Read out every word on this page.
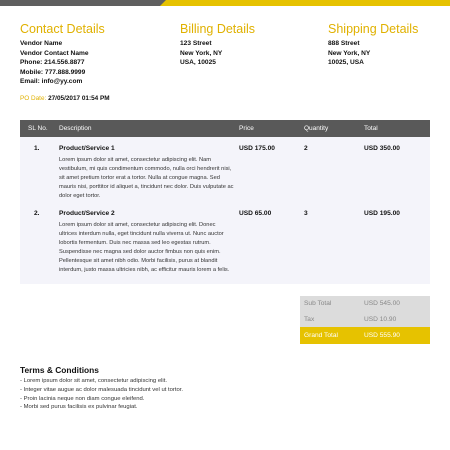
Contact Details
Vendor Name
Vendor Contact Name
Phone: 214.556.8877
Mobile: 777.888.9999
Email: info@yy.com
Billing Details
123 Street
New York, NY
USA, 10025
Shipping Details
888 Street
New York, NY
10025, USA
PO Date: 27/05/2017 01:54 PM
SL No. Description	Price	Quantity	Total
1.	Product/Service 1
Lorem ipsum dolor sit amet, consectetur adipiscing elit. Nam vestibulum, mi quis condimentum commodo, nulla orci hendrerit nisi, sit amet pretium tortor erat a tortor. Nulla at congue magna. Sed mauris nisi, porttitor id aliquet a, tincidunt nec dolor. Duis vulputate ac dolor eget tortor.
USD 175.00	2	USD 350.00
2.	Product/Service 2
Lorem ipsum dolor sit amet, consectetur adipiscing elit. Donec ultrices interdum nulla, eget tincidunt nulla viverra ut. Nunc auctor lobortis fermentum. Duis nec massa sed leo egestas rutrum. Suspendisse nec magna sed dolor auctor fimbus non quis enim. Pellentesque sit amet nibh odio. Morbi facilisis, purus at blandit interdum, justo massa ultricies nibh, ac efficitur mauris lorem a felis.
USD 65.00	3	USD 195.00
Sub Total	USD 545.00
Tax	USD 10.90
Grand Total	USD 555.90
Terms & Conditions
- Lorem ipsum dolor sit amet, consectetur adipiscing elit.
- Integer vitae augue ac dolor malesuada tincidunt vel ut tortor.
- Proin lacinia neque non diam congue eleifend.
- Morbi sed purus facilisis ex pulvinar feugiat.
